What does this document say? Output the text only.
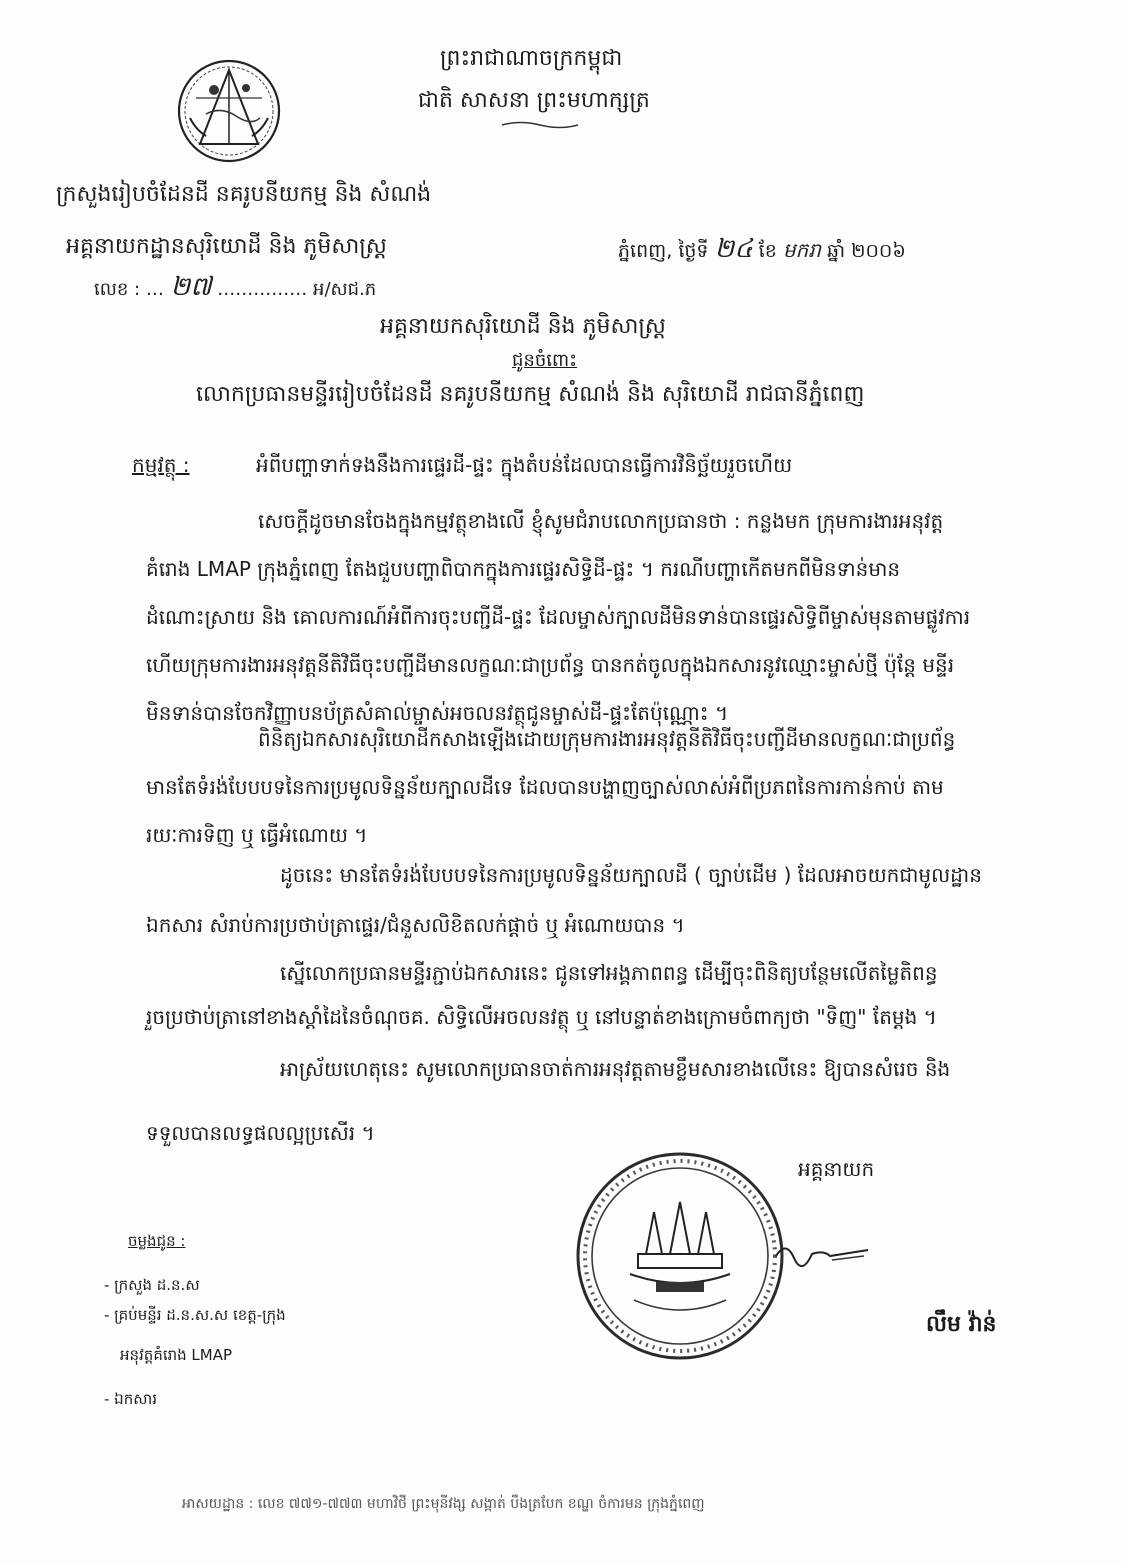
ព្រះរាជាណាចក្រកម្ពុជា
ជាតិ សាសនា ព្រះមហាក្សត្រ
ក្រសួងរៀបចំដែនដី នគរូបនីយកម្ម និង សំណង់
អគ្គនាយកដ្ឋានសុរិយោដី និង ភូមិសាស្ត្រ
លេខ : … ២៧ …………… អ/សជ.ភ
ភ្នំពេញ, ថ្ងៃទី ២៤ ខែ មករា ឆ្នាំ ២០០៦
អគ្គនាយកសុរិយោដី និង ភូមិសាស្ត្រ
ជូនចំពោះ
លោកប្រធានមន្ទីររៀបចំដែនដី នគរូបនីយកម្ម សំណង់ និង សុរិយោដី រាជធានីភ្នំពេញ
កម្មវត្ថុ :	អំពីបញ្ហាទាក់ទងនឹងការផ្ទេរដី-ផ្ទះ ក្នុងតំបន់ដែលបានធ្វើការវិនិច្ឆ័យរួចហើយ
សេចក្តីដូចមានចែងក្នុងកម្មវត្ថុខាងលើ ខ្ញុំសូមជំរាបលោកប្រធានថា : កន្លងមក ក្រុមការងារអនុវត្ត
គំរោង LMAP ក្រុងភ្នំពេញ តែងជួបបញ្ហាពិបាកក្នុងការផ្ទេរសិទ្ធិដី-ផ្ទះ ។ ករណីបញ្ហាកើតមកពីមិនទាន់មាន
ដំណោះស្រាយ និង គោលការណ៍អំពីការចុះបញ្ជីដី-ផ្ទះ ដែលម្ចាស់ក្បាលដីមិនទាន់បានផ្ទេរសិទ្ធិពីម្ចាស់មុនតាមផ្លូវការ
ហើយក្រុមការងារអនុវត្តនីតិវិធីចុះបញ្ជីដីមានលក្ខណៈជាប្រព័ន្ធ បានកត់ចូលក្នុងឯកសារនូវឈ្មោះម្ចាស់ថ្មី ប៉ុន្តែ មន្ទីរ
មិនទាន់បានចែកវិញ្ញាបនប័ត្រសំគាល់ម្ចាស់អចលនវត្ថុជូនម្ចាស់ដី-ផ្ទះតែប៉ុណ្ណោះ ។
ពិនិត្យឯកសារសុរិយោដីកសាងឡើងដោយក្រុមការងារអនុវត្តនីតិវិធីចុះបញ្ជីដីមានលក្ខណៈជាប្រព័ន្ធ
មានតែទំរង់បែបបទនៃការប្រមូលទិន្នន័យក្បាលដីទេ ដែលបានបង្ហាញច្បាស់លាស់អំពីប្រភពនៃការកាន់កាប់ តាម
រយៈការទិញ ឬ ធ្វើអំណោយ ។
ដូចនេះ មានតែទំរង់បែបបទនៃការប្រមូលទិន្នន័យក្បាលដី ( ច្បាប់ដើម ) ដែលអាចយកជាមូលដ្ឋាន
ឯកសារ សំរាប់ការប្រថាប់ត្រាផ្ទេរ/ជំនួសលិខិតលក់ផ្តាច់ ឬ អំណោយបាន ។
ស្នើលោកប្រធានមន្ទីរភ្ជាប់ឯកសារនេះ ជូនទៅអង្គភាពពន្ធ ដើម្បីចុះពិនិត្យបន្ថែមលើតម្លៃតិពន្ធ
រួចប្រថាប់ត្រានៅខាងស្តាំដៃនៃចំណុចគ. សិទ្ធិលើអចលនវត្ថុ ឬ នៅបន្ទាត់ខាងក្រោមចំពាក្យថា "ទិញ" តែម្តង ។
អាស្រ័យហេតុនេះ សូមលោកប្រធានចាត់ការអនុវត្តតាមខ្លឹមសារខាងលើនេះ ឱ្យបានសំរេច និង
ទទួលបានលទ្ធផលល្អប្រសើរ ។
អគ្គនាយក
លឹម វ៉ាន់
ចម្លងជូន :
- ក្រសួង ដ.ន.ស
- គ្រប់មន្ទីរ ដ.ន.ស.ស ខេត្ត-ក្រុង
អនុវត្តគំរោង LMAP
- ឯកសារ
អាសយដ្ឋាន : លេខ ៧៧១-៧៧៣ មហាវិថី ព្រះមុនីវង្ស សង្កាត់ បឹងត្របែក ខណ្ឌ ចំការមន ក្រុងភ្នំពេញ
